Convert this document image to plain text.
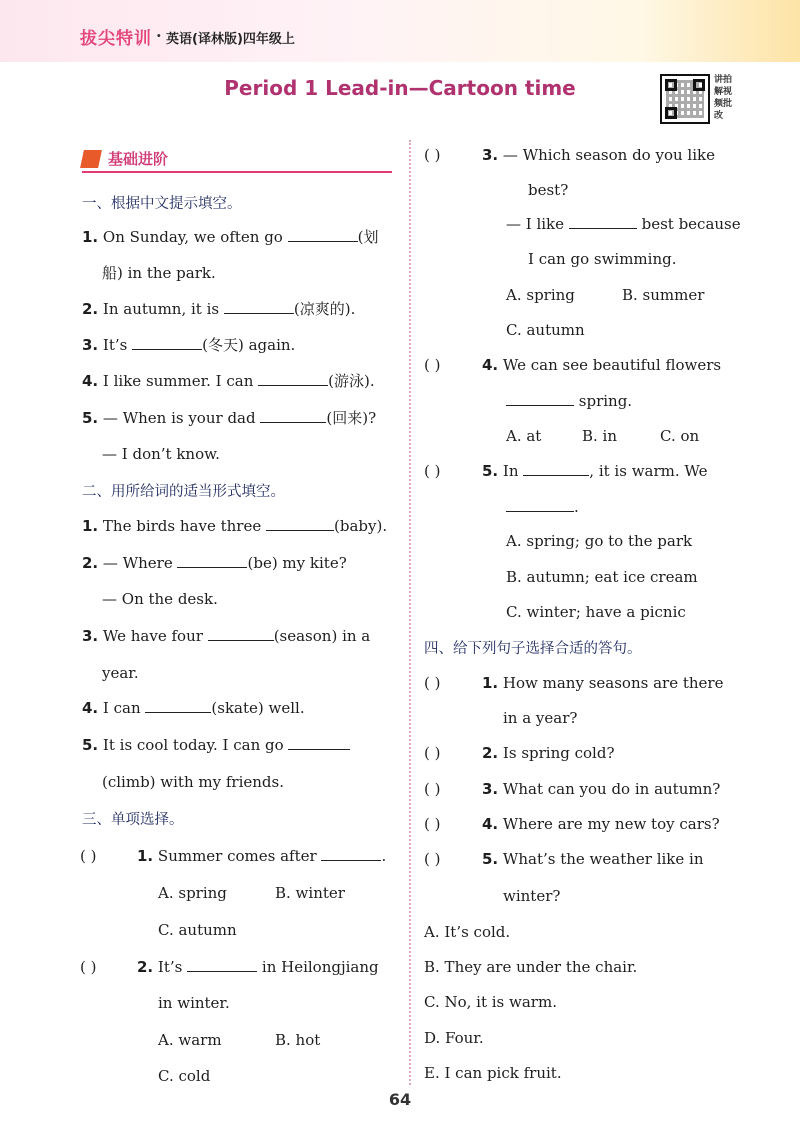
拔尖特训 · 英语(译林版)四年级上
Period 1 Lead-in—Cartoon time	讲拍 解视 频批 改
基础进阶
一、根据中文提示填空。
1. On Sunday, we often go	(划
船) in the park.
2. In autumn, it is	(凉爽的).
3. It’s	(冬天) again.
4. I like summer. I can	(游泳).
5. — When is your dad	(回来)?
— I don’t know.
二、用所给词的适当形式填空。
1. The birds have three	(baby).
2. — Where	(be) my kite?
— On the desk.
3. We have four	(season) in a
year.
4. I can	(skate) well.
5. It is cool today. I can go
(climb) with my friends.
三、单项选择。
( )	1. Summer comes after	.
A. spring	B. winter
C. autumn
( )	2. It’s	in Heilongjiang
in winter.
A. warm	B. hot
C. cold
( )	3. — Which season do you like
best?
— I like	best because
I can go swimming.
A. spring	B. summer
C. autumn
( )	4. We can see beautiful flowers
spring.
A. at	B. in	C. on
( )	5. In	, it is warm. We
.
A. spring; go to the park
B. autumn; eat ice cream
C. winter; have a picnic
四、给下列句子选择合适的答句。
( )	1. How many seasons are there
in a year?
( )	2. Is spring cold?
( )	3. What can you do in autumn?
( )	4. Where are my new toy cars?
( )	5. What’s the weather like in
winter?
A. It’s cold.
B. They are under the chair.
C. No, it is warm.
D. Four.
E. I can pick fruit.
64
